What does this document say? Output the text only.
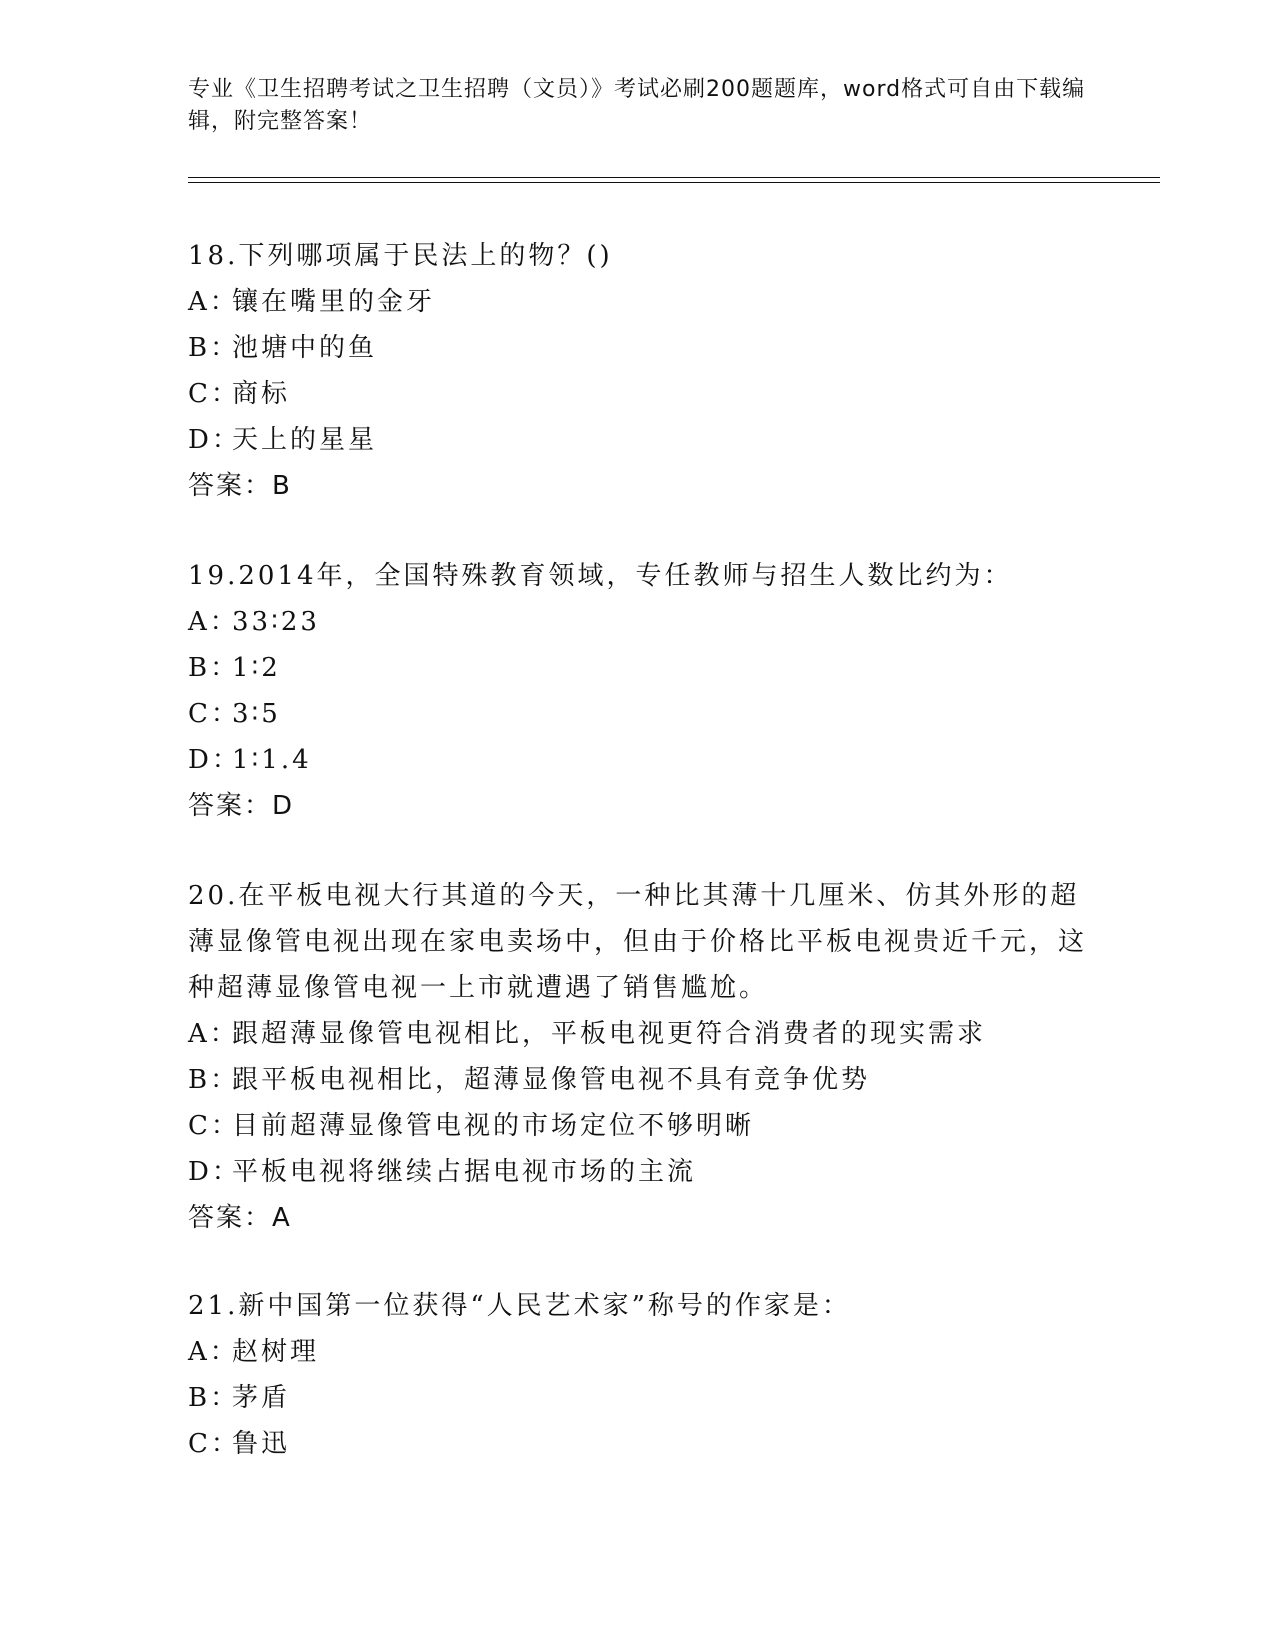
专业《卫生招聘考试之卫生招聘（文员）》考试必刷200题题库，word格式可自由下载编辑，附完整答案！

18.下列哪项属于民法上的物？()

A：镶在嘴里的金牙

B：池塘中的鱼

C：商标

D：天上的星星

答案：B

19.2014年，全国特殊教育领域，专任教师与招生人数比约为：

A：33∶23

B：1∶2

C：3∶5

D：1∶1.4

答案：D

20.在平板电视大行其道的今天，一种比其薄十几厘米、仿其外形的超薄显像管电视出现在家电卖场中，但由于价格比平板电视贵近千元，这种超薄显像管电视一上市就遭遇了销售尴尬。

A：跟超薄显像管电视相比，平板电视更符合消费者的现实需求

B：跟平板电视相比，超薄显像管电视不具有竞争优势

C：目前超薄显像管电视的市场定位不够明晰

D：平板电视将继续占据电视市场的主流

答案：A

21.新中国第一位获得“人民艺术家”称号的作家是：

A：赵树理

B：茅盾

C：鲁迅
